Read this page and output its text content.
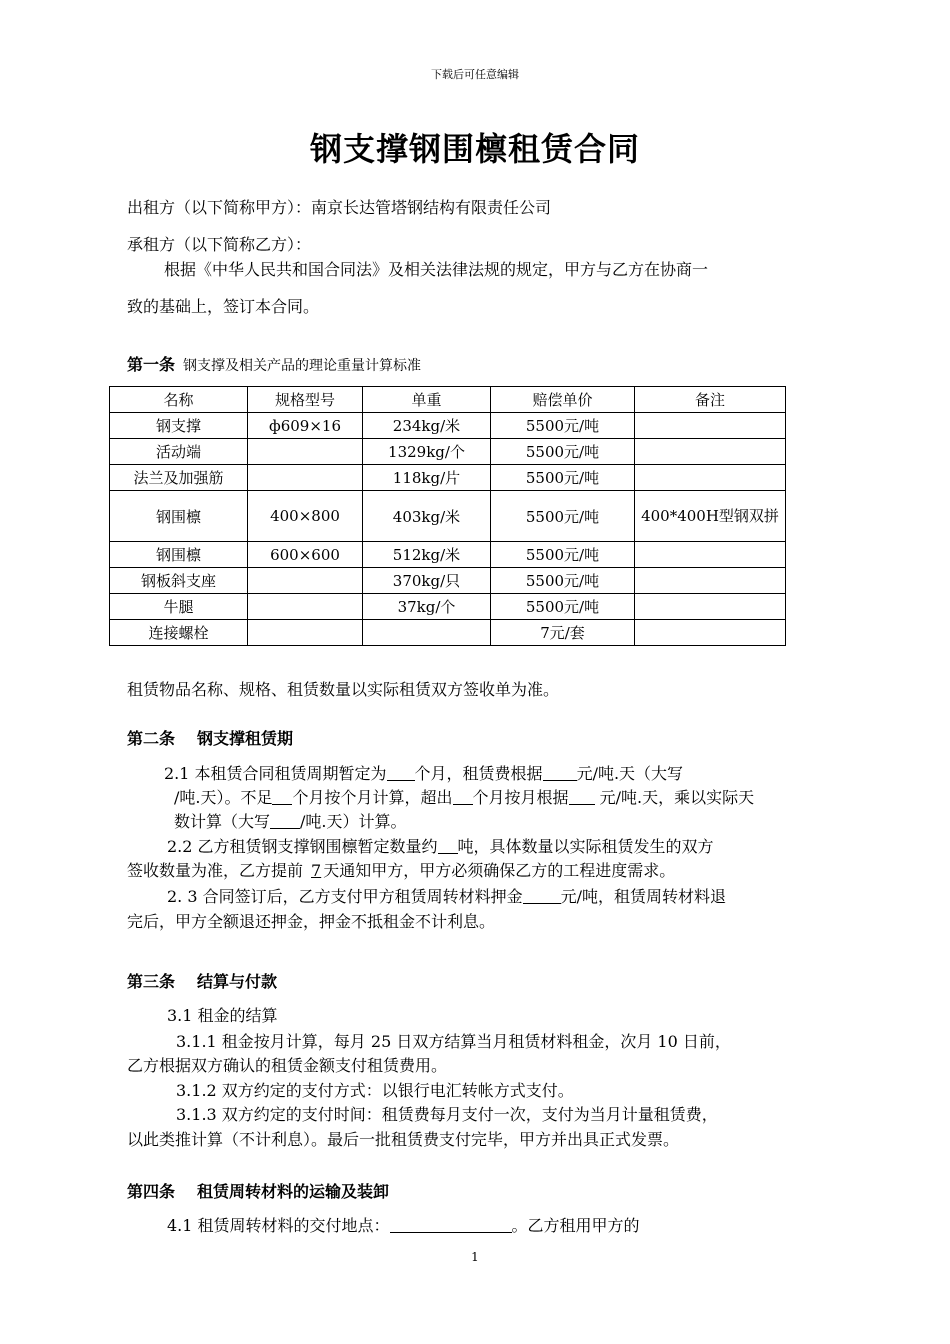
下载后可任意编辑
钢支撑钢围檩租赁合同
出租方（以下简称甲方）：南京长达管塔钢结构有限责任公司
承租方（以下简称乙方）：
根据《中华人民共和国合同法》及相关法律法规的规定，甲方与乙方在协商一
致的基础上，签订本合同。
第一条 钢支撑及相关产品的理论重量计算标准
名称	规格型号	单重	赔偿单价	备注
钢支撑	ф609×16	234kg/米	5500元/吨	
活动端		1329kg/个	5500元/吨	
法兰及加强筋		118kg/片	5500元/吨	
钢围檩	400×800	403kg/米	5500元/吨	400*400H型钢双拼
钢围檩	600×600	512kg/米	5500元/吨	
钢板斜支座		370kg/只	5500元/吨	
牛腿		37kg/个	5500元/吨	
连接螺栓			7元/套	
租赁物品名称、规格、租赁数量以实际租赁双方签收单为准。
第二条 钢支撑租赁期
2.1 本租赁合同租赁周期暂定为 个月，租赁费根据 元/吨.天（大写
/吨.天）。不足 个月按个月计算，超出 个月按月根据 元/吨.天，乘以实际天
数计算（大写 /吨.天）计算。
2.2 乙方租赁钢支撑钢围檩暂定数量约 吨，具体数量以实际租赁发生的双方
签收数量为准，乙方提前 7 天通知甲方，甲方必须确保乙方的工程进度需求。
2. 3 合同签订后，乙方支付甲方租赁周转材料押金 元/吨，租赁周转材料退
完后，甲方全额退还押金，押金不抵租金不计利息。
第三条 结算与付款
3.1 租金的结算
3.1.1 租金按月计算，每月 25 日双方结算当月租赁材料租金，次月 10 日前，
乙方根据双方确认的租赁金额支付租赁费用。
3.1.2 双方约定的支付方式：以银行电汇转帐方式支付。
3.1.3 双方约定的支付时间：租赁费每月支付一次，支付为当月计量租赁费，
以此类推计算（不计利息）。最后一批租赁费支付完毕，甲方并出具正式发票。
第四条 租赁周转材料的运输及装卸
4.1 租赁周转材料的交付地点：	。乙方租用甲方的
1
